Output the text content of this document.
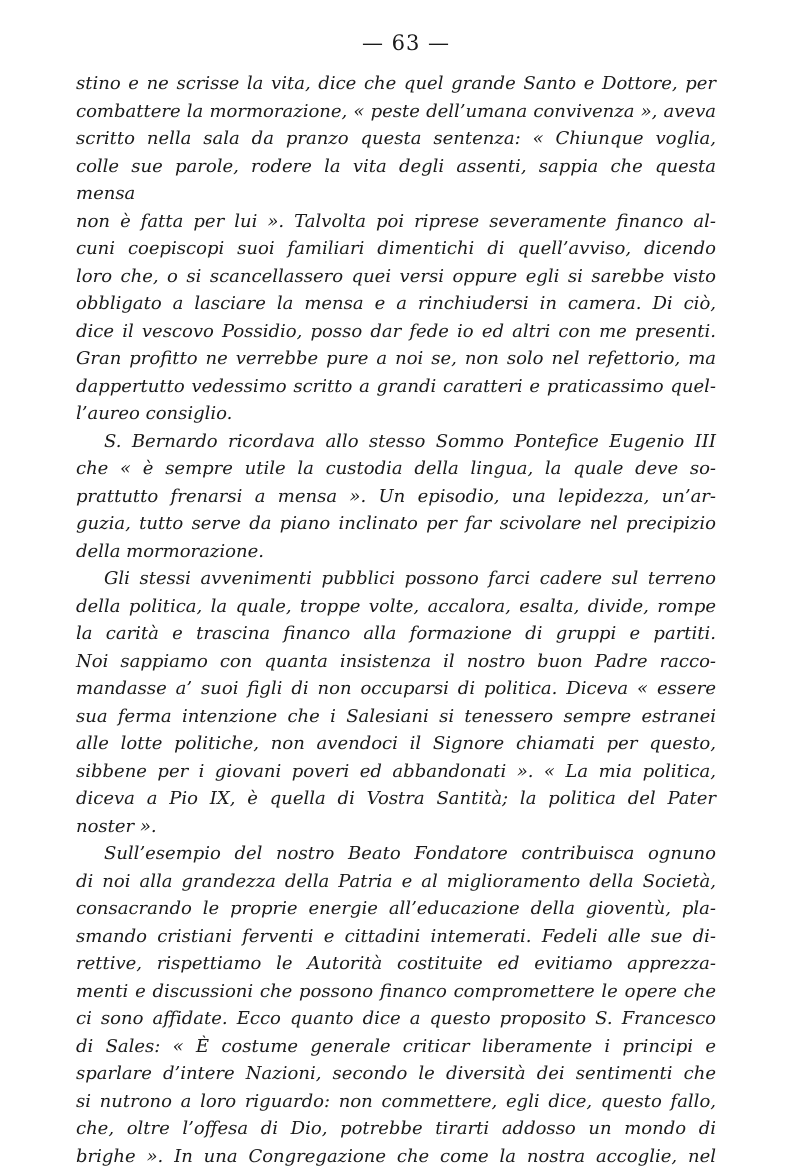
— 63 —

stino e ne scrisse la vita, dice che quel grande Santo e Dottore, per

combattere la mormorazione, « peste dell’umana convivenza », aveva

scritto nella sala da pranzo questa sentenza: « Chiunque voglia,

colle sue parole, rodere la vita degli assenti, sappia che questa mensa

non è fatta per lui ». Talvolta poi riprese severamente financo al-

cuni coepiscopi suoi familiari dimentichi di quell’avviso, dicendo

loro che, o si scancellassero quei versi oppure egli si sarebbe visto

obbligato a lasciare la mensa e a rinchiudersi in camera. Di ciò,

dice il vescovo Possidio, posso dar fede io ed altri con me presenti.

Gran profitto ne verrebbe pure a noi se, non solo nel refettorio, ma

dappertutto vedessimo scritto a grandi caratteri e praticassimo quel-

l’aureo consiglio.

S. Bernardo ricordava allo stesso Sommo Pontefice Eugenio III

che « è sempre utile la custodia della lingua, la quale deve so-

prattutto frenarsi a mensa ». Un episodio, una lepidezza, un’ar-

guzia, tutto serve da piano inclinato per far scivolare nel precipizio

della mormorazione.

Gli stessi avvenimenti pubblici possono farci cadere sul terreno

della politica, la quale, troppe volte, accalora, esalta, divide, rompe

la carità e trascina financo alla formazione di gruppi e partiti.

Noi sappiamo con quanta insistenza il nostro buon Padre racco-

mandasse a’ suoi figli di non occuparsi di politica. Diceva « essere

sua ferma intenzione che i Salesiani si tenessero sempre estranei

alle lotte politiche, non avendoci il Signore chiamati per questo,

sibbene per i giovani poveri ed abbandonati ». « La mia politica,

diceva a Pio IX, è quella di Vostra Santità; la politica del Pater

noster ».

Sull’esempio del nostro Beato Fondatore contribuisca ognuno

di noi alla grandezza della Patria e al miglioramento della Società,

consacrando le proprie energie all’educazione della gioventù, pla-

smando cristiani ferventi e cittadini intemerati. Fedeli alle sue di-

rettive, rispettiamo le Autorità costituite ed evitiamo apprezza-

menti e discussioni che possono financo compromettere le opere che

ci sono affidate. Ecco quanto dice a questo proposito S. Francesco

di Sales: « È costume generale criticar liberamente i principi e

sparlare d’intere Nazioni, secondo le diversità dei sentimenti che

si nutrono a loro riguardo: non commettere, egli dice, questo fallo,

che, oltre l’offesa di Dio, potrebbe tirarti addosso un mondo di

brighe ». In una Congregazione che come la nostra accoglie, nel
